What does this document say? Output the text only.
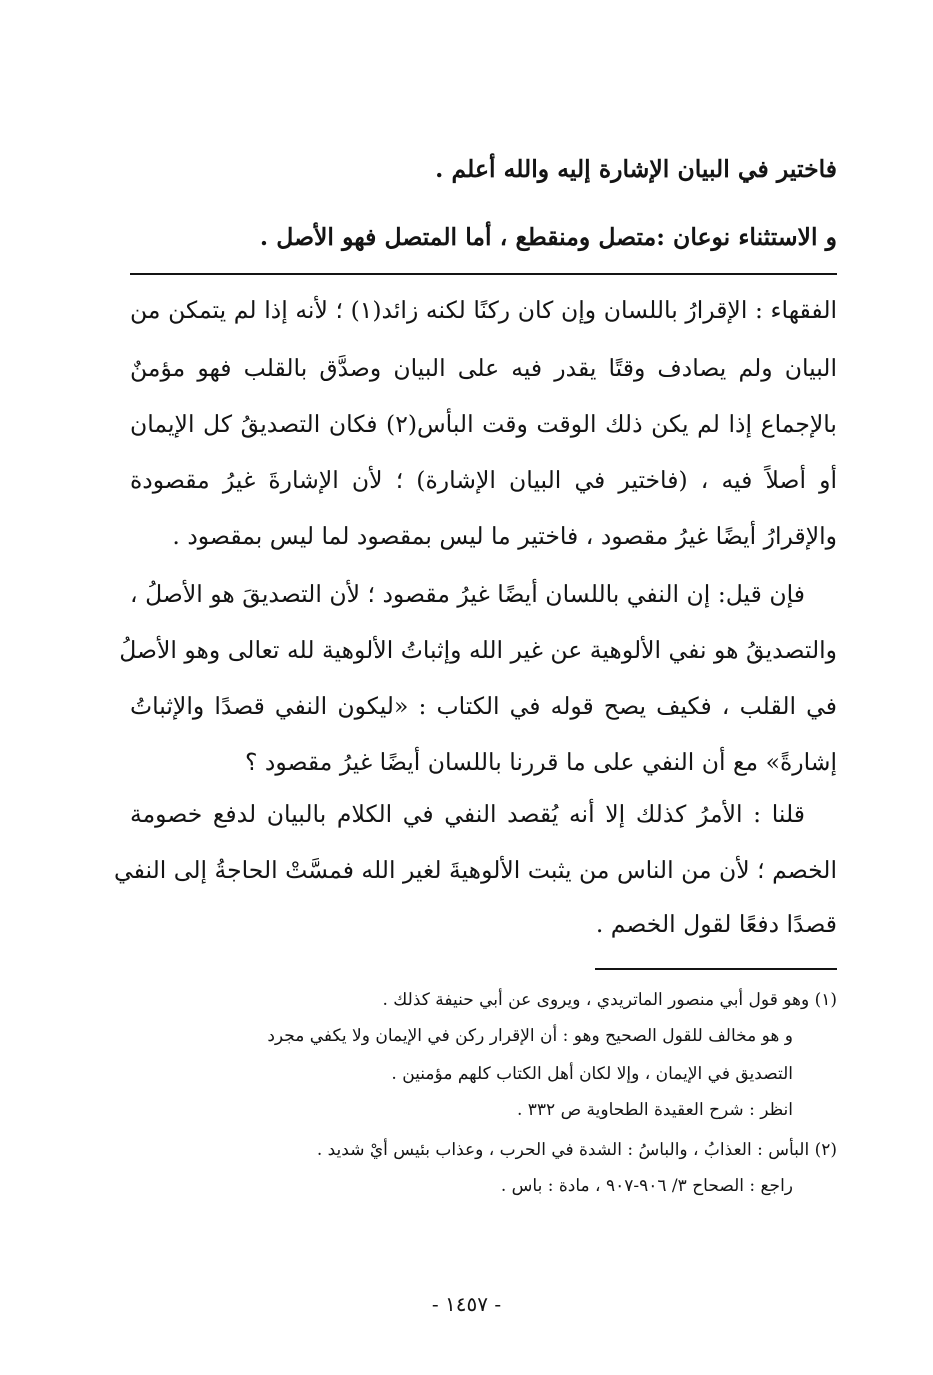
فاختير في البيان الإشارة إليه والله أعلم .
و الاستثناء نوعان :متصل ومنقطع ، أما المتصل فهو الأصل .
الفقهاء : الإقرارُ باللسان وإن كان ركنًا لكنه زائد(١) ؛ لأنه إذا لم يتمكن من
البيان ولم يصادف وقتًا يقدر فيه على البيان وصدَّق بالقلب فهو مؤمنٌ
بالإجماع إذا لم يكن ذلك الوقت وقت البأس(٢) فكان التصديقُ كل الإيمان
أو أصلاً فيه ، (فاختير في البيان الإشارة) ؛ لأن الإشارةَ غيرُ مقصودة
والإقرارُ أيضًا غيرُ مقصود ، فاختير ما ليس بمقصود لما ليس بمقصود .
فإن قيل: إن النفي باللسان أيضًا غيرُ مقصود ؛ لأن التصديقَ هو الأصلُ ،
والتصديقُ هو نفي الألوهية عن غير الله وإثباتُ الألوهية لله تعالى وهو الأصلُ
في القلب ، فكيف يصح قوله في الكتاب : «ليكون النفي قصدًا والإثباتُ
إشارةً» مع أن النفي على ما قررنا باللسان أيضًا غيرُ مقصود ؟
قلنا : الأمرُ كذلك إلا أنه يُقصد النفي في الكلام بالبيان لدفع خصومة
الخصم ؛ لأن من الناس من يثبت الألوهيةَ لغير الله فمسَّتْ الحاجةُ إلى النفي
قصدًا دفعًا لقول الخصم .
(١) وهو قول أبي منصور الماتريدي ، ويروى عن أبي حنيفة كذلك .
و هو مخالف للقول الصحيح وهو : أن الإقرار ركن في الإيمان ولا يكفي مجرد
التصديق في الإيمان ، وإلا لكان أهل الكتاب كلهم مؤمنين .
انظر : شرح العقيدة الطحاوية ص ٣٣٢ .
(٢) البأس : العذابُ ، والباسُ : الشدة في الحرب ، وعذاب بئيس أيْ شديد .
راجع : الصحاح ٣/ ٩٠٦-٩٠٧ ، مادة : باس .
- ١٤٥٧ -
